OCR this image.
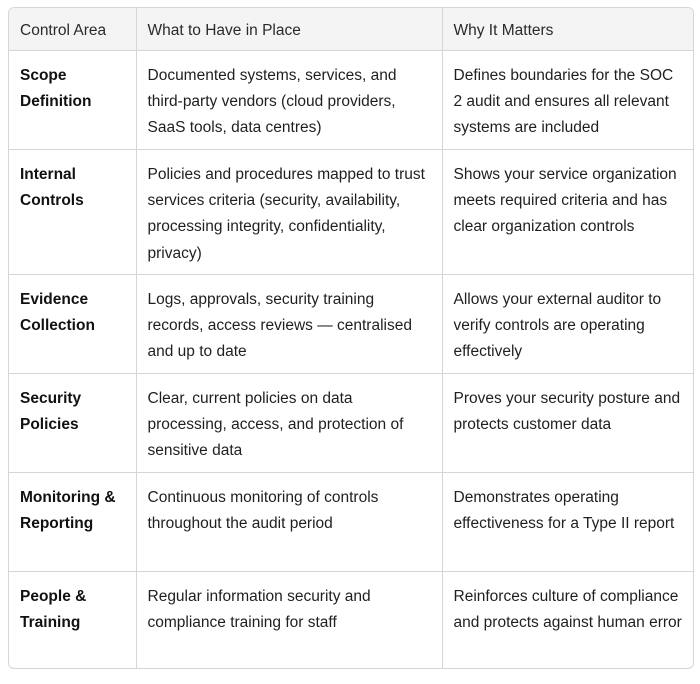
Control Area	What to Have in Place	Why It Matters
Scope Definition	Documented systems, services, and third-party vendors (cloud providers, SaaS tools, data centres)	Defines boundaries for the SOC 2 audit and ensures all relevant systems are included
Internal Controls	Policies and procedures mapped to trust services criteria (security, availability, processing integrity, confidentiality, privacy)	Shows your service organization meets required criteria and has clear organization controls
Evidence Collection	Logs, approvals, security training records, access reviews — centralised and up to date	Allows your external auditor to verify controls are operating effectively
Security Policies	Clear, current policies on data processing, access, and protection of sensitive data	Proves your security posture and protects customer data
Monitoring & Reporting	Continuous monitoring of controls throughout the audit period	Demonstrates operating effectiveness for a Type II report
People & Training	Regular information security and compliance training for staff	Reinforces culture of compliance and protects against human error
